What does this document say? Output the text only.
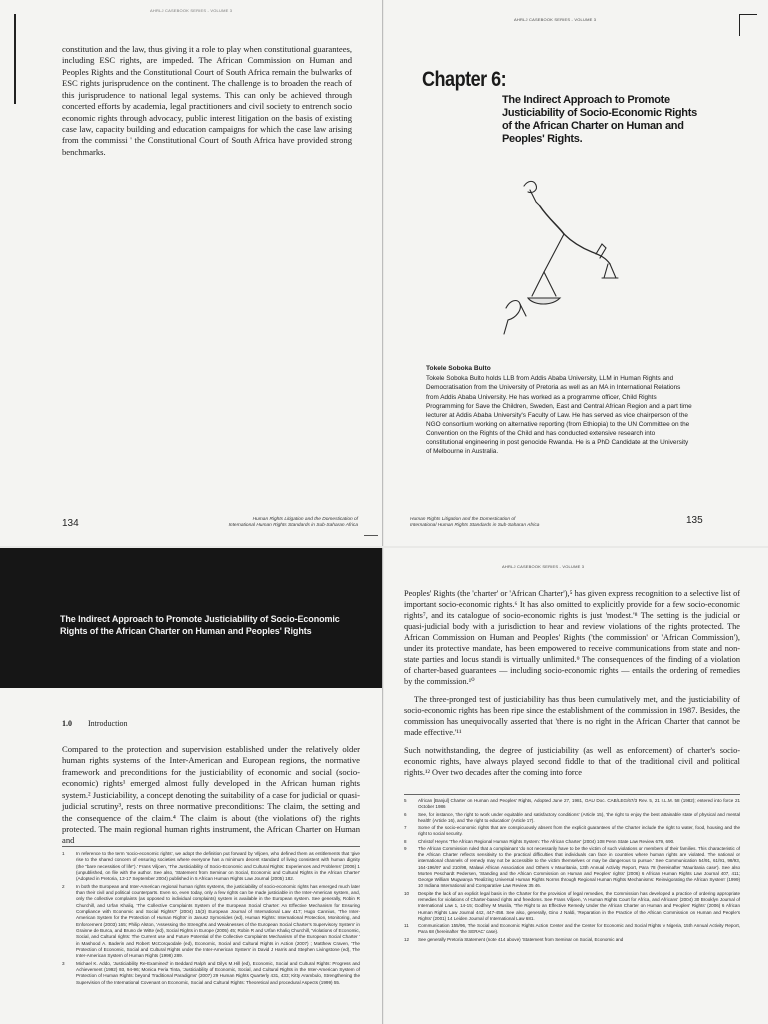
AHRLJ CASEBOOK SERIES - VOLUME 3

constitution and the law, thus giving it a role to play when constitutional guarantees, including ESC rights, are impeded. The African Commission on Human and Peoples Rights and the Constitutional Court of South Africa remain the bulwarks of ESC rights jurisprudence on the continent. The challenge is to broaden the reach of this jurisprudence to national legal systems. This can only be achieved through concerted efforts by academia, legal practitioners and civil society to entrench socio economic rights through advocacy, public interest litigation on the basis of existing case law, capacity building and education campaigns for which the case law arising from the commissi ' the Constitutional Court of South Africa have provided strong benchmarks.

134	Human Rights Litigation and the Domestication of
International Human Rights Standards in Sub-Saharan Africa
AHRLJ CASEBOOK SERIES - VOLUME 3
Chapter 6:
The Indirect Approach to Promote Justiciability of Socio-Economic Rights of the African Charter on Human and Peoples' Rights.
Tokele Soboka Bulto
Tokele Soboka Bulto holds LLB from Addis Ababa University, LLM in Human Rights and Democratisation from the University of Pretoria as well as an MA in International Relations from Addis Ababa University. He has worked as a programme officer, Child Rights Programming for Save the Children, Sweden, East and Central African Region and a part time lecturer at Addis Ababa University's Faculty of Law. He has served as vice chairperson of the NGO consortium working on alternative reporting (from Ethiopia) to the UN Committee on the Convention on the Rights of the Child and has conducted extensive research into constitutional engineering in post genocide Rwanda. He is a PhD Candidate at the University of Melbourne in Australia.
Human Rights Litigation and the Domestication of
International Human Rights Standards in Sub-Saharan Africa	135
The Indirect Approach to Promote Justiciability of Socio-Economic Rights of the African Charter on Human and Peoples' Rights
1.0 Introduction

Compared to the protection and supervision established under the relatively older human rights systems of the Inter-American and European regions, the normative framework and preconditions for the justiciability of economic and social (socio-economic) rights¹ emerged almost fully developed in the African human rights system.² Justiciability, a concept denoting the suitability of a case for judicial or quasi-judicial scrutiny³, rests on three normative preconditions: The claim, the setting and the consequence of the claim.⁴ The claim is about (the violations of) the rights protected. The main regional human rights instrument, the African Charter on Human and

1	In reference to the term 'socio-economic rights', we adopt the definition put forward by Viljoen, who defined them as entitlements that 'give rise to the shared concern of ensuring societies where everyone has a minimum decent standard of living consistent with human dignity (the "bare necessities of life").' Frans Viljoen, 'The Justiciability of Socio-Economic and Cultural Rights: Experiences and Problems' (2006) 1 (unpublished, on file with the author. See also, 'Statement from Seminar on Social, Economic and Cultural Rights in the African Charter' (Adopted in Pretoria, 13-17 September 2004) published in 5 African Human Rights Law Journal (2005) 182.
2	In both the European and Inter-American regional human rights systems, the justiciability of socio-economic rights has emerged much later than their civil and political counterparts. Even so, even today, only a few rights can be made justiciable in the Inter-American system, and, only the collective complaints (as opposed to individual complaints) system is available in the European system. See generally, Robin R Churchill, and Urfan Khaliq, 'The Collective Complaints System of the European Social Charter: An Effective Mechanism for Ensuring Compliance with Economic and Social Rights?' (2004) 15(3) European Journal of International Law 417; Hugo Cannius, 'The Inter-American System for the Protection of Human Rights' in Janusz Symonides (ed), Human Rights: International Protection, Monitoring, and Enforcement (2003) 165; Philip Alston, 'Assessing the Strengths and Weaknesses of the European Social Charter's Supervisory System' in Grainne de Burca, and Bruno de Witte (ed), Social Rights in Europe (2005) 45; Robin R and Urfan Khaliq Churchill, 'Violations of Economic, Social, and Cultural rights: The Current use and Future Potential of the Collective Complaints Mechanism of the European Social Charter ' in Mashood A. Baderin and Robert McCorquodale (ed), Economic, Social and Cultural Rights in Action (2007) ; Matthew Craven, 'The Protection of Economic, Social and Cultural Rights under the Inter-American System' in David J Harris and Stephen Livingstone (ed), The Inter-American System of Human Rights (1998) 289.
3	Michael K. Addo, 'Justiciability Re-Examined' in Beddard Ralph and Dilys M.Hill (ed), Economic, Social and Cultural Rights: Progress and Achievement (1992) 93, 94-96; Monica Feria Tinta, 'Justiciability of Economic, Social, and Cultural Rights in the Inter-American System of Protection of Human Rights: beyond Traditional Paradigms' (2007) 29 Human Rights Quarterly 431, 433; Kitty Arambulo, Strengthening the Supervision of the International Covenant on Economic, Social and Cultural Rights: Theoretical and procedural Aspects (1999) 55.
AHRLJ CASEBOOK SERIES - VOLUME 3

Peoples' Rights (the 'charter' or 'African Charter'),⁵ has given express recognition to a selective list of important socio-economic rights.⁶ It has also omitted to explicitly provide for a few socio-economic rights⁷, and its catalogue of socio-economic rights is just 'modest.'⁸ The setting is the judicial or quasi-judicial body with a jurisdiction to hear and review violations of the rights protected. The African Commission on Human and Peoples' Rights ('the commission' or 'African Commission'), under its protective mandate, has been empowered to receive communications from state and non-state parties and locus standi is virtually unlimited.⁹ The consequences of the finding of a violation of charter-based guarantees — including socio-economic rights — entails the ordering of remedies by the commission.¹⁰

The three-pronged test of justiciability has thus been cumulatively met, and the justiciability of socio-economic rights has been ripe since the establishment of the commission in 1987. Besides, the commission has unequivocally asserted that 'there is no right in the African Charter that cannot be made effective.'¹¹

Such notwithstanding, the degree of justiciability (as well as enforcement) of charter's socio-economic rights, have always played second fiddle to that of the traditional civil and political rights.¹² Over two decades after the coming into force

5	African [Banjul] Charter on Human and Peoples' Rights, Adopted June 27, 1981, OAU Doc. CAB/LEG/67/3 Rev. 5, 21 I.L.M. 58 (1982); entered into force 21 October 1986
6	See, for instance, 'the right to work under equitable and satisfactory conditions' (Article 15), 'the right to enjoy the best attainable state of physical and mental health' (Article 16), and 'the right to education' (Article 17).
7	Some of the socio-economic rights that are conspicuously absent from the explicit guarantees of the Charter include the right to water, food, housing and the right to social security.
8	Christof Heyns 'The African Regional Human Rights System: The African Charter' (2004) 108 Penn State Law Review 679, 690.
9	The African Commission ruled that a complainant 'do not necessarily have to be the victim of such violations or members of their families. This characteristic of the African Charter reflects sensitivity to the practical difficulties that individuals can face in countries where human rights are violated. The national or international channels of remedy may not be accessible to the victim themselves or may be dangerous to pursue.' See Communication 54/91, 61/91, 98/93, 164-196/97 and 210/98, Malawi African Association and Others v Mauritania, 13th Annual Activity Report, Para 78 (hereinafter 'Mauritania case'). See also Morten Peschardt Pedersen, 'Standing and the African Commission on Human and Peoples' rights' (2006) 6 African Human Rights Law Journal 407, 411; George William Mugwanya 'Realizing Universal Human Rights Norms through Regional Human Rights Mechanisms: Reinvigorating the African System' (1999) 10 Indiana International and Comparative Law Review 35 46.
10	Despite the lack of an explicit legal basis in the Charter for the provision of legal remedies, the Commission has developed a practice of ordering appropriate remedies for violations of Charter-based rights and freedoms. See Frans Viljoen, 'A Human Rights Court for Africa, and Africans' (2004) 30 Brooklyn Journal of International Law 1, 14-15; Godfrey M Musila, 'The Right to an Effective Remedy Under the African Charter on Human and Peoples' Rights' (2006) 6 African Human Rights Law Journal 442, 447-458. See also, generally, Gino J Naldi, 'Reparation in the Practice of the African Commission on Human and People's Rights' (2001) 14 Leiden Journal of International Law 681.
11	Communication 155/96, The Social and Economic Rights Action Center and the Center for Economic and Social Rights v Nigeria, 15th Annual Activity Report, Para 68 (hereinafter 'the SERAC' case).
12	See generally Pretoria Statement (note 414 above) 'Statement from Seminar on Social, Economic and
